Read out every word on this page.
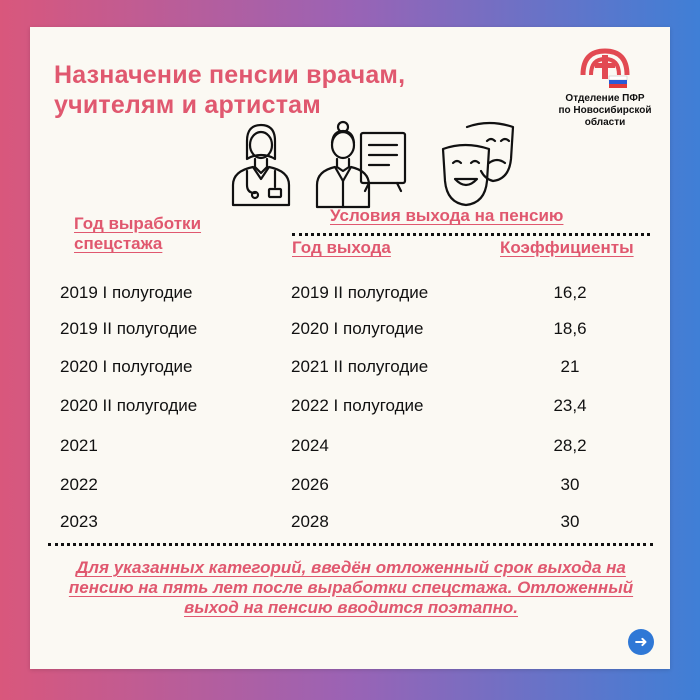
Назначение пенсии врачам, учителям и артистам	Отделение ПФР
по Новосибирской
области
Год выработки
спецстажа
Условия выхода на пенсию
Год выхода	Коэффициенты
2019 I полугодие	2019 II полугодие	16,2
2019 II полугодие	2020 I полугодие	18,6
2020 I полугодие	2021 II полугодие	21
2020 II полугодие	2022 I полугодие	23,4
2021	2024	28,2
2022	2026	30
2023	2028	30
Для указанных категорий, введён отложенный срок выхода на пенсию на пять лет после выработки спецстажа. Отложенный выход на пенсию вводится поэтапно.
➜
